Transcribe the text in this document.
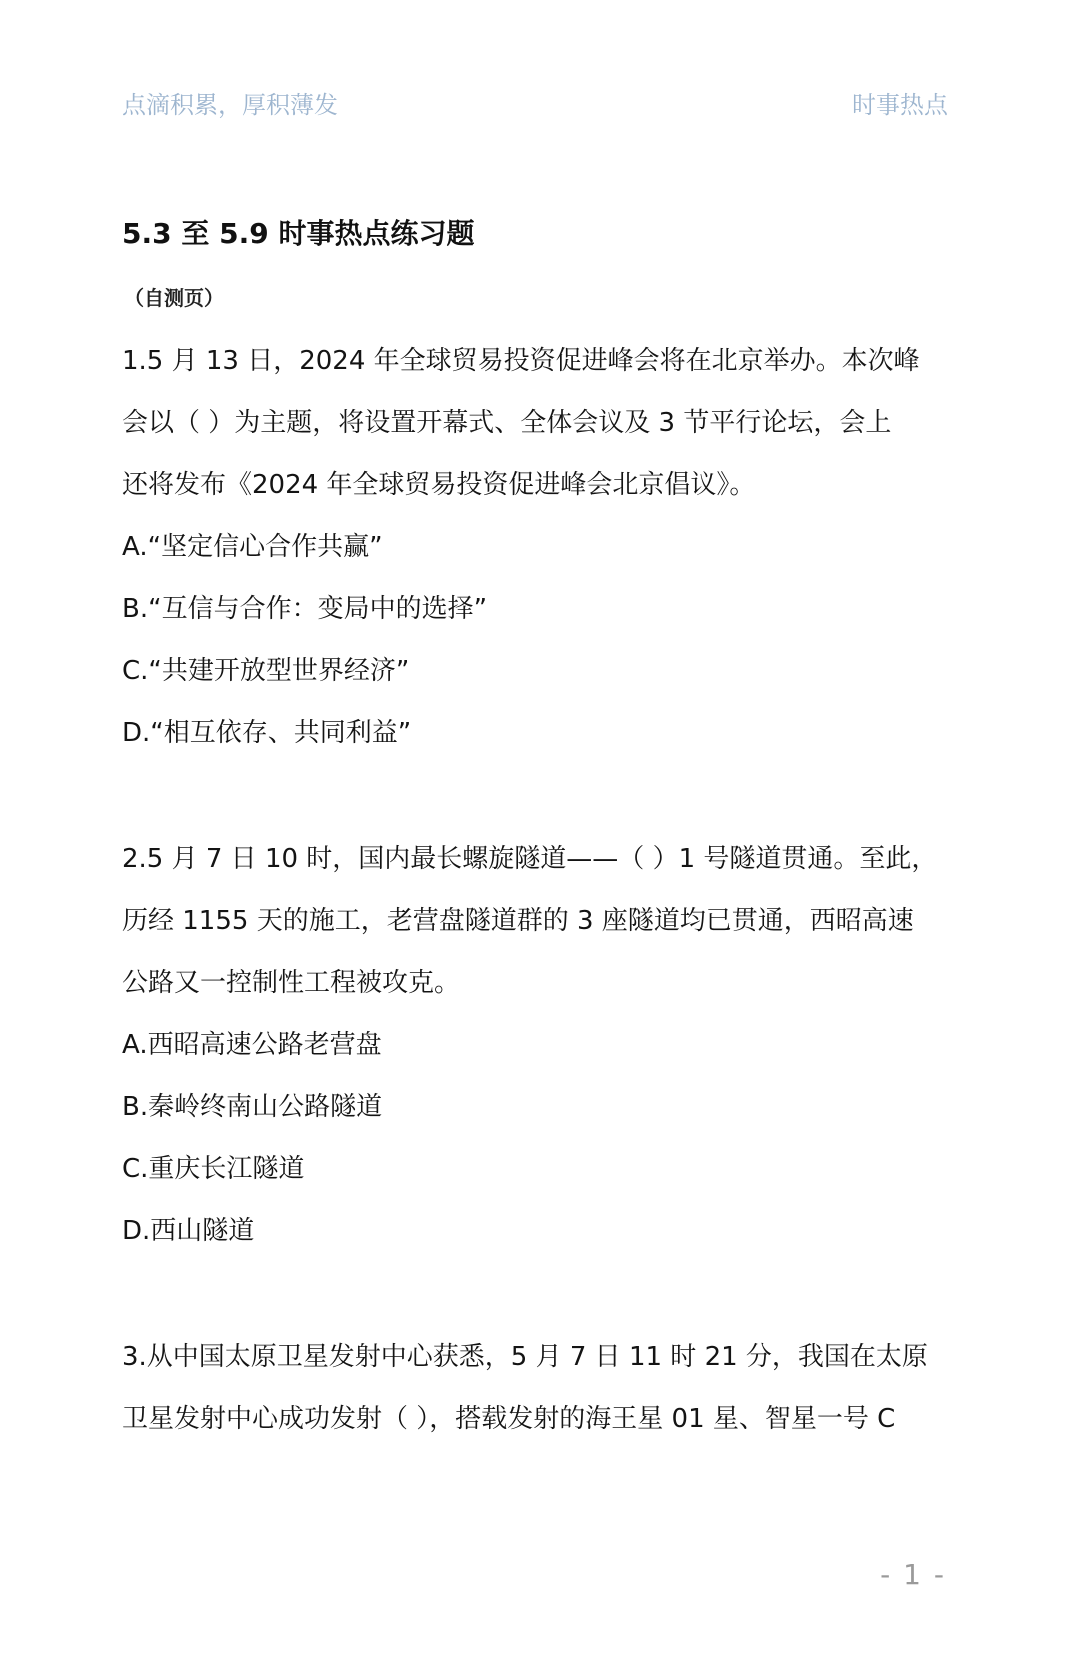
点滴积累，厚积薄发	时事热点
5.3 至 5.9 时事热点练习题
（自测页）

1.5 月 13 日，2024 年全球贸易投资促进峰会将在北京举办。本次峰

会以（ ）为主题，将设置开幕式、全体会议及 3 节平行论坛，会上

还将发布《2024 年全球贸易投资促进峰会北京倡议》。

A.“坚定信心合作共赢”

B.“互信与合作：变局中的选择”

C.“共建开放型世界经济”

D.“相互依存、共同利益”

2.5 月 7 日 10 时，国内最长螺旋隧道——（ ）1 号隧道贯通。至此，

历经 1155 天的施工，老营盘隧道群的 3 座隧道均已贯通，西昭高速

公路又一控制性工程被攻克。

A.西昭高速公路老营盘

B.秦岭终南山公路隧道

C.重庆长江隧道

D.西山隧道

3.从中国太原卫星发射中心获悉，5 月 7 日 11 时 21 分，我国在太原

卫星发射中心成功发射（ ），搭载发射的海王星 01 星、智星一号 C

- 1 -
